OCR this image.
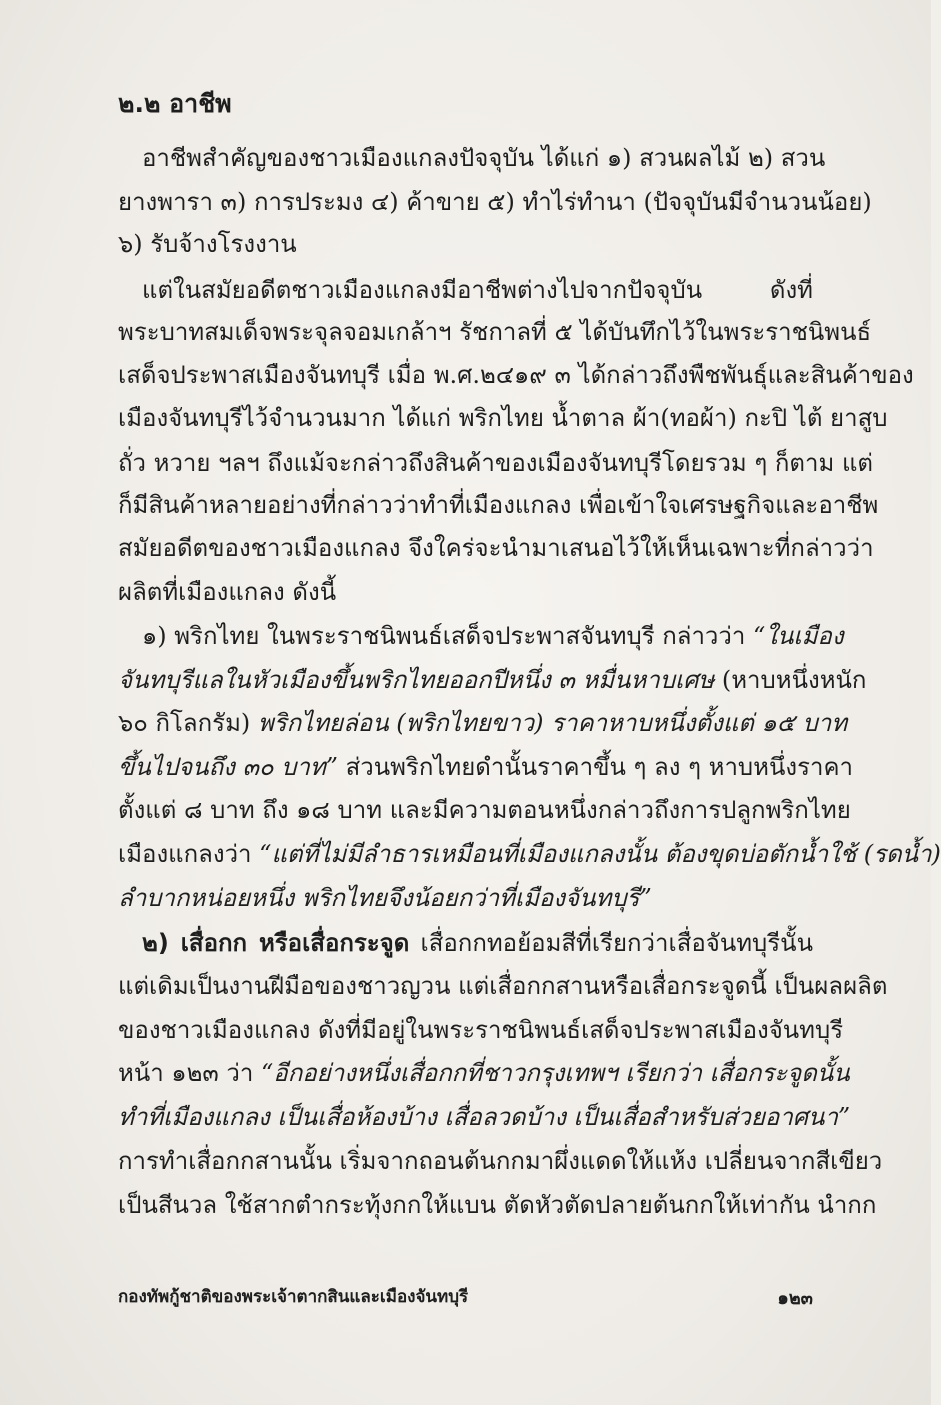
๒.๒ อาชีพ
อาชีพสำคัญของชาวเมืองแกลงปัจจุบัน ได้แก่ ๑) สวนผลไม้ ๒) สวน
ยางพารา ๓) การประมง ๔) ค้าขาย ๕) ทำไร่ทำนา (ปัจจุบันมีจำนวนน้อย)
๖) รับจ้างโรงงาน
แต่ในสมัยอดีตชาวเมืองแกลงมีอาชีพต่างไปจากปัจจุบัน ดังที่
พระบาทสมเด็จพระจุลจอมเกล้าฯ รัชกาลที่ ๕ ได้บันทึกไว้ในพระราชนิพนธ์
เสด็จประพาสเมืองจันทบุรี เมื่อ พ.ศ.๒๔๑๙ ๓ ได้กล่าวถึงพืชพันธุ์และสินค้าของ
เมืองจันทบุรีไว้จำนวนมาก ได้แก่ พริกไทย น้ำตาล ผ้า(ทอผ้า) กะปิ ไต้ ยาสูบ
ถั่ว หวาย ฯลฯ ถึงแม้จะกล่าวถึงสินค้าของเมืองจันทบุรีโดยรวม ๆ ก็ตาม แต่
ก็มีสินค้าหลายอย่างที่กล่าวว่าทำที่เมืองแกลง เพื่อเข้าใจเศรษฐกิจและอาชีพ
สมัยอดีตของชาวเมืองแกลง จึงใคร่จะนำมาเสนอไว้ให้เห็นเฉพาะที่กล่าวว่า
ผลิตที่เมืองแกลง ดังนี้
๑) พริกไทย ในพระราชนิพนธ์เสด็จประพาสจันทบุรี กล่าวว่า “ในเมือง
จันทบุรีแลในหัวเมืองขึ้นพริกไทยออกปีหนึ่ง ๓ หมื่นหาบเศษ (หาบหนึ่งหนัก
๖๐ กิโลกรัม) พริกไทยล่อน (พริกไทยขาว) ราคาหาบหนึ่งตั้งแต่ ๑๕ บาท
ขึ้นไปจนถึง ๓๐ บาท” ส่วนพริกไทยดำนั้นราคาขึ้น ๆ ลง ๆ หาบหนึ่งราคา
ตั้งแต่ ๘ บาท ถึง ๑๘ บาท และมีความตอนหนึ่งกล่าวถึงการปลูกพริกไทย
เมืองแกลงว่า “แต่ที่ไม่มีลำธารเหมือนที่เมืองแกลงนั้น ต้องขุดบ่อตักน้ำใช้ (รดน้ำ)
ลำบากหน่อยหนึ่ง พริกไทยจึงน้อยกว่าที่เมืองจันทบุรี”
๒) เสื่อกก หรือเสื่อกระจูด เสื่อกกทอย้อมสีที่เรียกว่าเสื่อจันทบุรีนั้น
แต่เดิมเป็นงานฝีมือของชาวญวน แต่เสื่อกกสานหรือเสื่อกระจูดนี้ เป็นผลผลิต
ของชาวเมืองแกลง ดังที่มีอยู่ในพระราชนิพนธ์เสด็จประพาสเมืองจันทบุรี
หน้า ๑๒๓ ว่า “อีกอย่างหนึ่งเสื่อกกที่ชาวกรุงเทพฯ เรียกว่า เสื่อกระจูดนั้น
ทำที่เมืองแกลง เป็นเสื่อห้องบ้าง เสื่อลวดบ้าง เป็นเสื่อสำหรับส่วยอาศนา”
การทำเสื่อกกสานนั้น เริ่มจากถอนต้นกกมาผึ่งแดดให้แห้ง เปลี่ยนจากสีเขียว
เป็นสีนวล ใช้สากตำกระทุ้งกกให้แบน ตัดหัวตัดปลายต้นกกให้เท่ากัน นำกก
กองทัพกู้ชาติของพระเจ้าตากสินและเมืองจันทบุรี	๑๒๓
